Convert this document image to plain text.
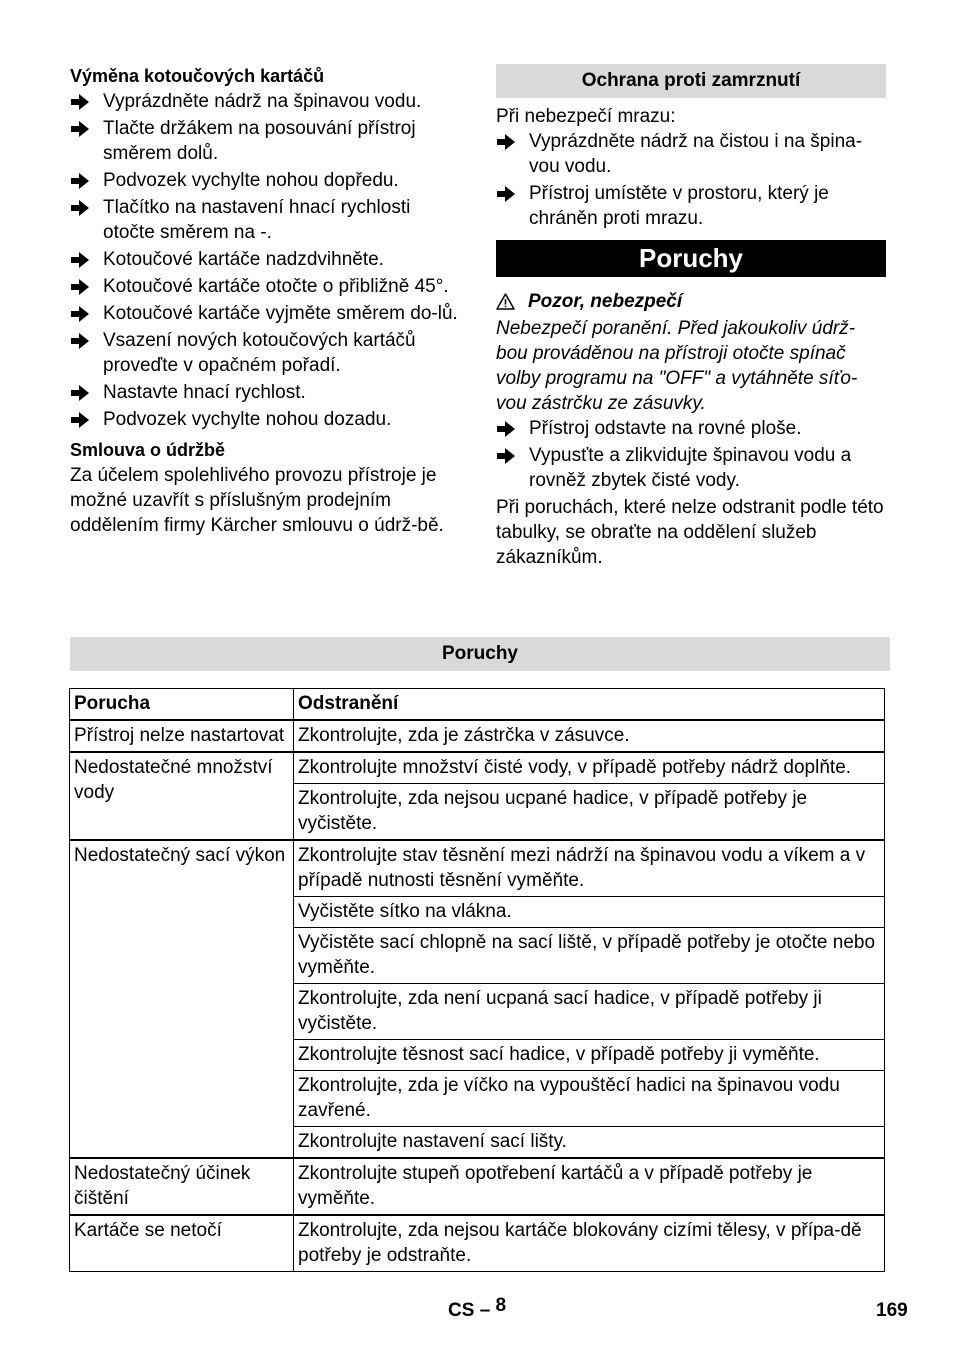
Výměna kotoučových kartáčů
Vyprázdněte nádrž na špinavou vodu.
Tlačte držákem na posouvání přístroj směrem dolů.
Podvozek vychylte nohou dopředu.
Tlačítko na nastavení hnací rychlosti otočte směrem na -.
Kotoučové kartáče nadzdvihněte.
Kotoučové kartáče otočte o přibližně 45°.
Kotoučové kartáče vyjměte směrem do-lů.
Vsazení nových kotoučových kartáčů proveďte v opačném pořadí.
Nastavte hnací rychlost.
Podvozek vychylte nohou dozadu.
Smlouva o údržbě

Za účelem spolehlivého provozu přístroje je možné uzavřít s příslušným prodejním oddělením firmy Kärcher smlouvu o údrž-bě.

Ochrana proti zamrznutí

Při nebezpečí mrazu:

Vyprázdněte nádrž na čistou i na špina-vou vodu.
Přístroj umístěte v prostoru, který je chráněn proti mrazu.
Poruchy
Pozor, nebezpečí

Nebezpečí poranění. Před jakoukoliv údrž-bou prováděnou na přístroji otočte spínač volby programu na "OFF" a vytáhněte síťo-vou zástrčku ze zásuvky.

Přístroj odstavte na rovné ploše.
Vypusťte a zlikvidujte špinavou vodu a rovněž zbytek čisté vody.

Při poruchách, které nelze odstranit podle této tabulky, se obraťte na oddělení služeb zákazníkům.

Poruchy
Porucha	Odstranění
Přístroj nelze nastartovat	Zkontrolujte, zda je zástrčka v zásuvce.
Nedostatečné množství vody	Zkontrolujte množství čisté vody, v případě potřeby nádrž doplňte.
	Zkontrolujte, zda nejsou ucpané hadice, v případě potřeby je vyčistěte.
Nedostatečný sací výkon	Zkontrolujte stav těsnění mezi nádrží na špinavou vodu a víkem a v případě nutnosti těsnění vyměňte.
	Vyčistěte sítko na vlákna.
	Vyčistěte sací chlopně na sací liště, v případě potřeby je otočte nebo vyměňte.
	Zkontrolujte, zda není ucpaná sací hadice, v případě potřeby ji vyčistěte.
	Zkontrolujte těsnost sací hadice, v případě potřeby ji vyměňte.
	Zkontrolujte, zda je víčko na vypouštěcí hadici na špinavou vodu zavřené.
	Zkontrolujte nastavení sací lišty.
Nedostatečný účinek čištění	Zkontrolujte stupeň opotřebení kartáčů a v případě potřeby je vyměňte.
Kartáče se netočí	Zkontrolujte, zda nejsou kartáče blokovány cizími tělesy, v přípa-dě potřeby je odstraňte.
CS – 8	169
